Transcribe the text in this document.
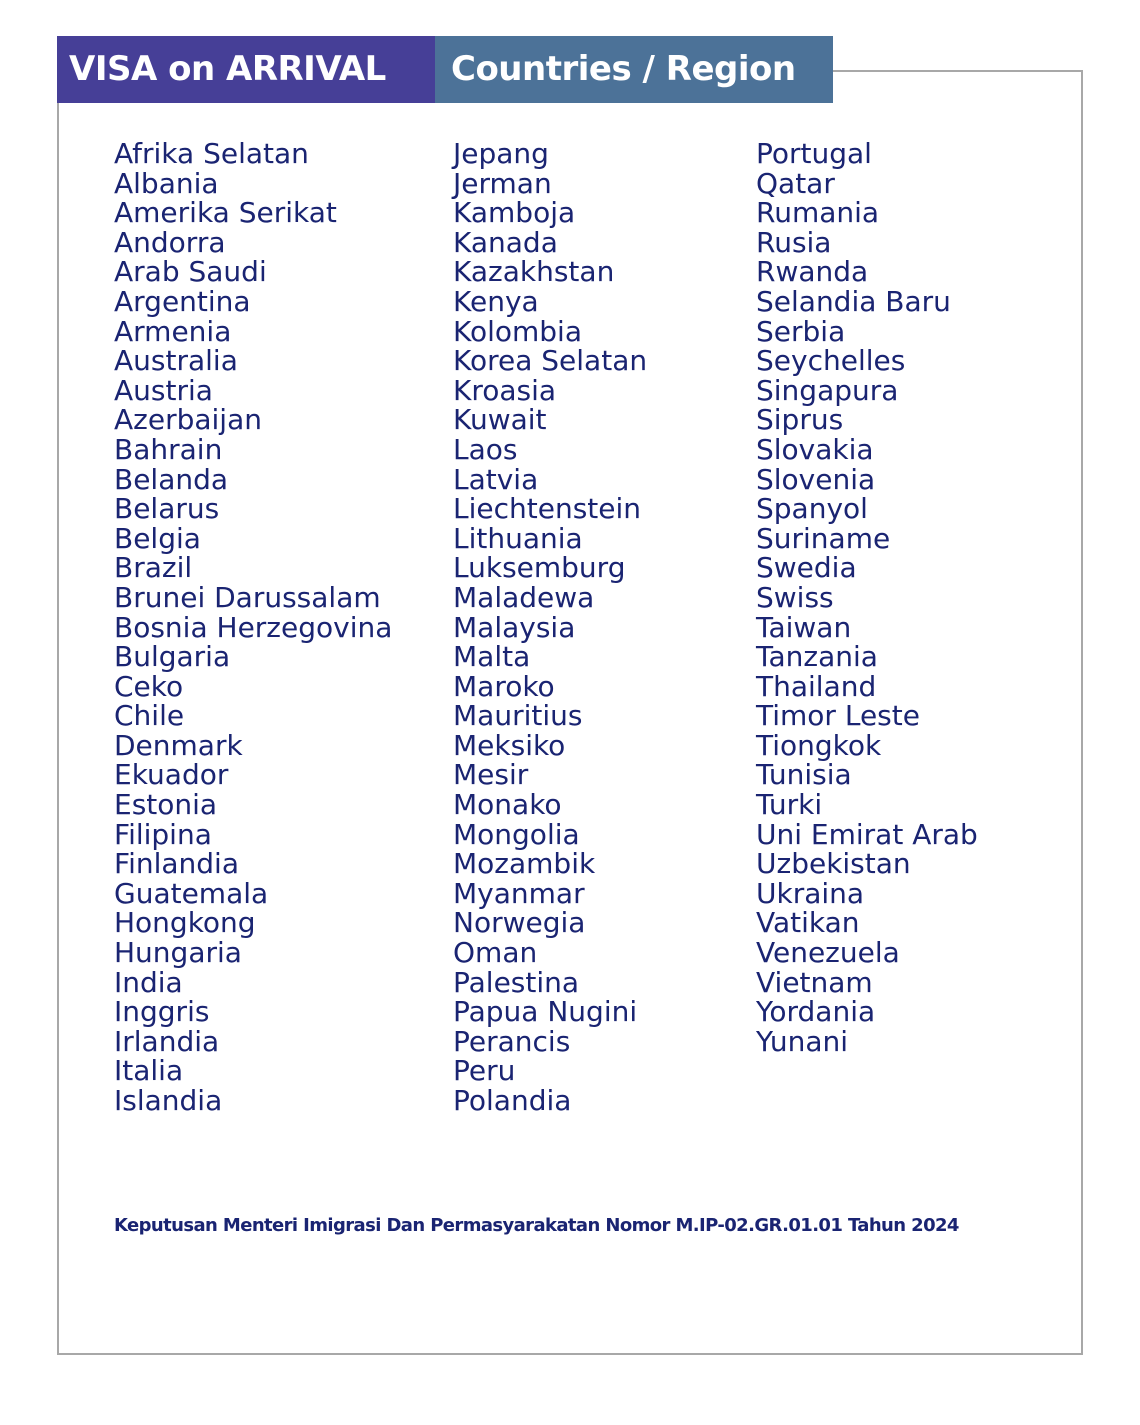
VISA on ARRIVAL	Countries / Region
Afrika Selatan
Albania
Amerika Serikat
Andorra
Arab Saudi
Argentina
Armenia
Australia
Austria
Azerbaijan
Bahrain
Belanda
Belarus
Belgia
Brazil
Brunei Darussalam
Bosnia Herzegovina
Bulgaria
Ceko
Chile
Denmark
Ekuador
Estonia
Filipina
Finlandia
Guatemala
Hongkong
Hungaria
India
Inggris
Irlandia
Italia
Islandia
Jepang
Jerman
Kamboja
Kanada
Kazakhstan
Kenya
Kolombia
Korea Selatan
Kroasia
Kuwait
Laos
Latvia
Liechtenstein
Lithuania
Luksemburg
Maladewa
Malaysia
Malta
Maroko
Mauritius
Meksiko
Mesir
Monako
Mongolia
Mozambik
Myanmar
Norwegia
Oman
Palestina
Papua Nugini
Perancis
Peru
Polandia
Portugal
Qatar
Rumania
Rusia
Rwanda
Selandia Baru
Serbia
Seychelles
Singapura
Siprus
Slovakia
Slovenia
Spanyol
Suriname
Swedia
Swiss
Taiwan
Tanzania
Thailand
Timor Leste
Tiongkok
Tunisia
Turki
Uni Emirat Arab
Uzbekistan
Ukraina
Vatikan
Venezuela
Vietnam
Yordania
Yunani
Keputusan Menteri Imigrasi Dan Permasyarakatan Nomor M.IP-02.GR.01.01 Tahun 2024
